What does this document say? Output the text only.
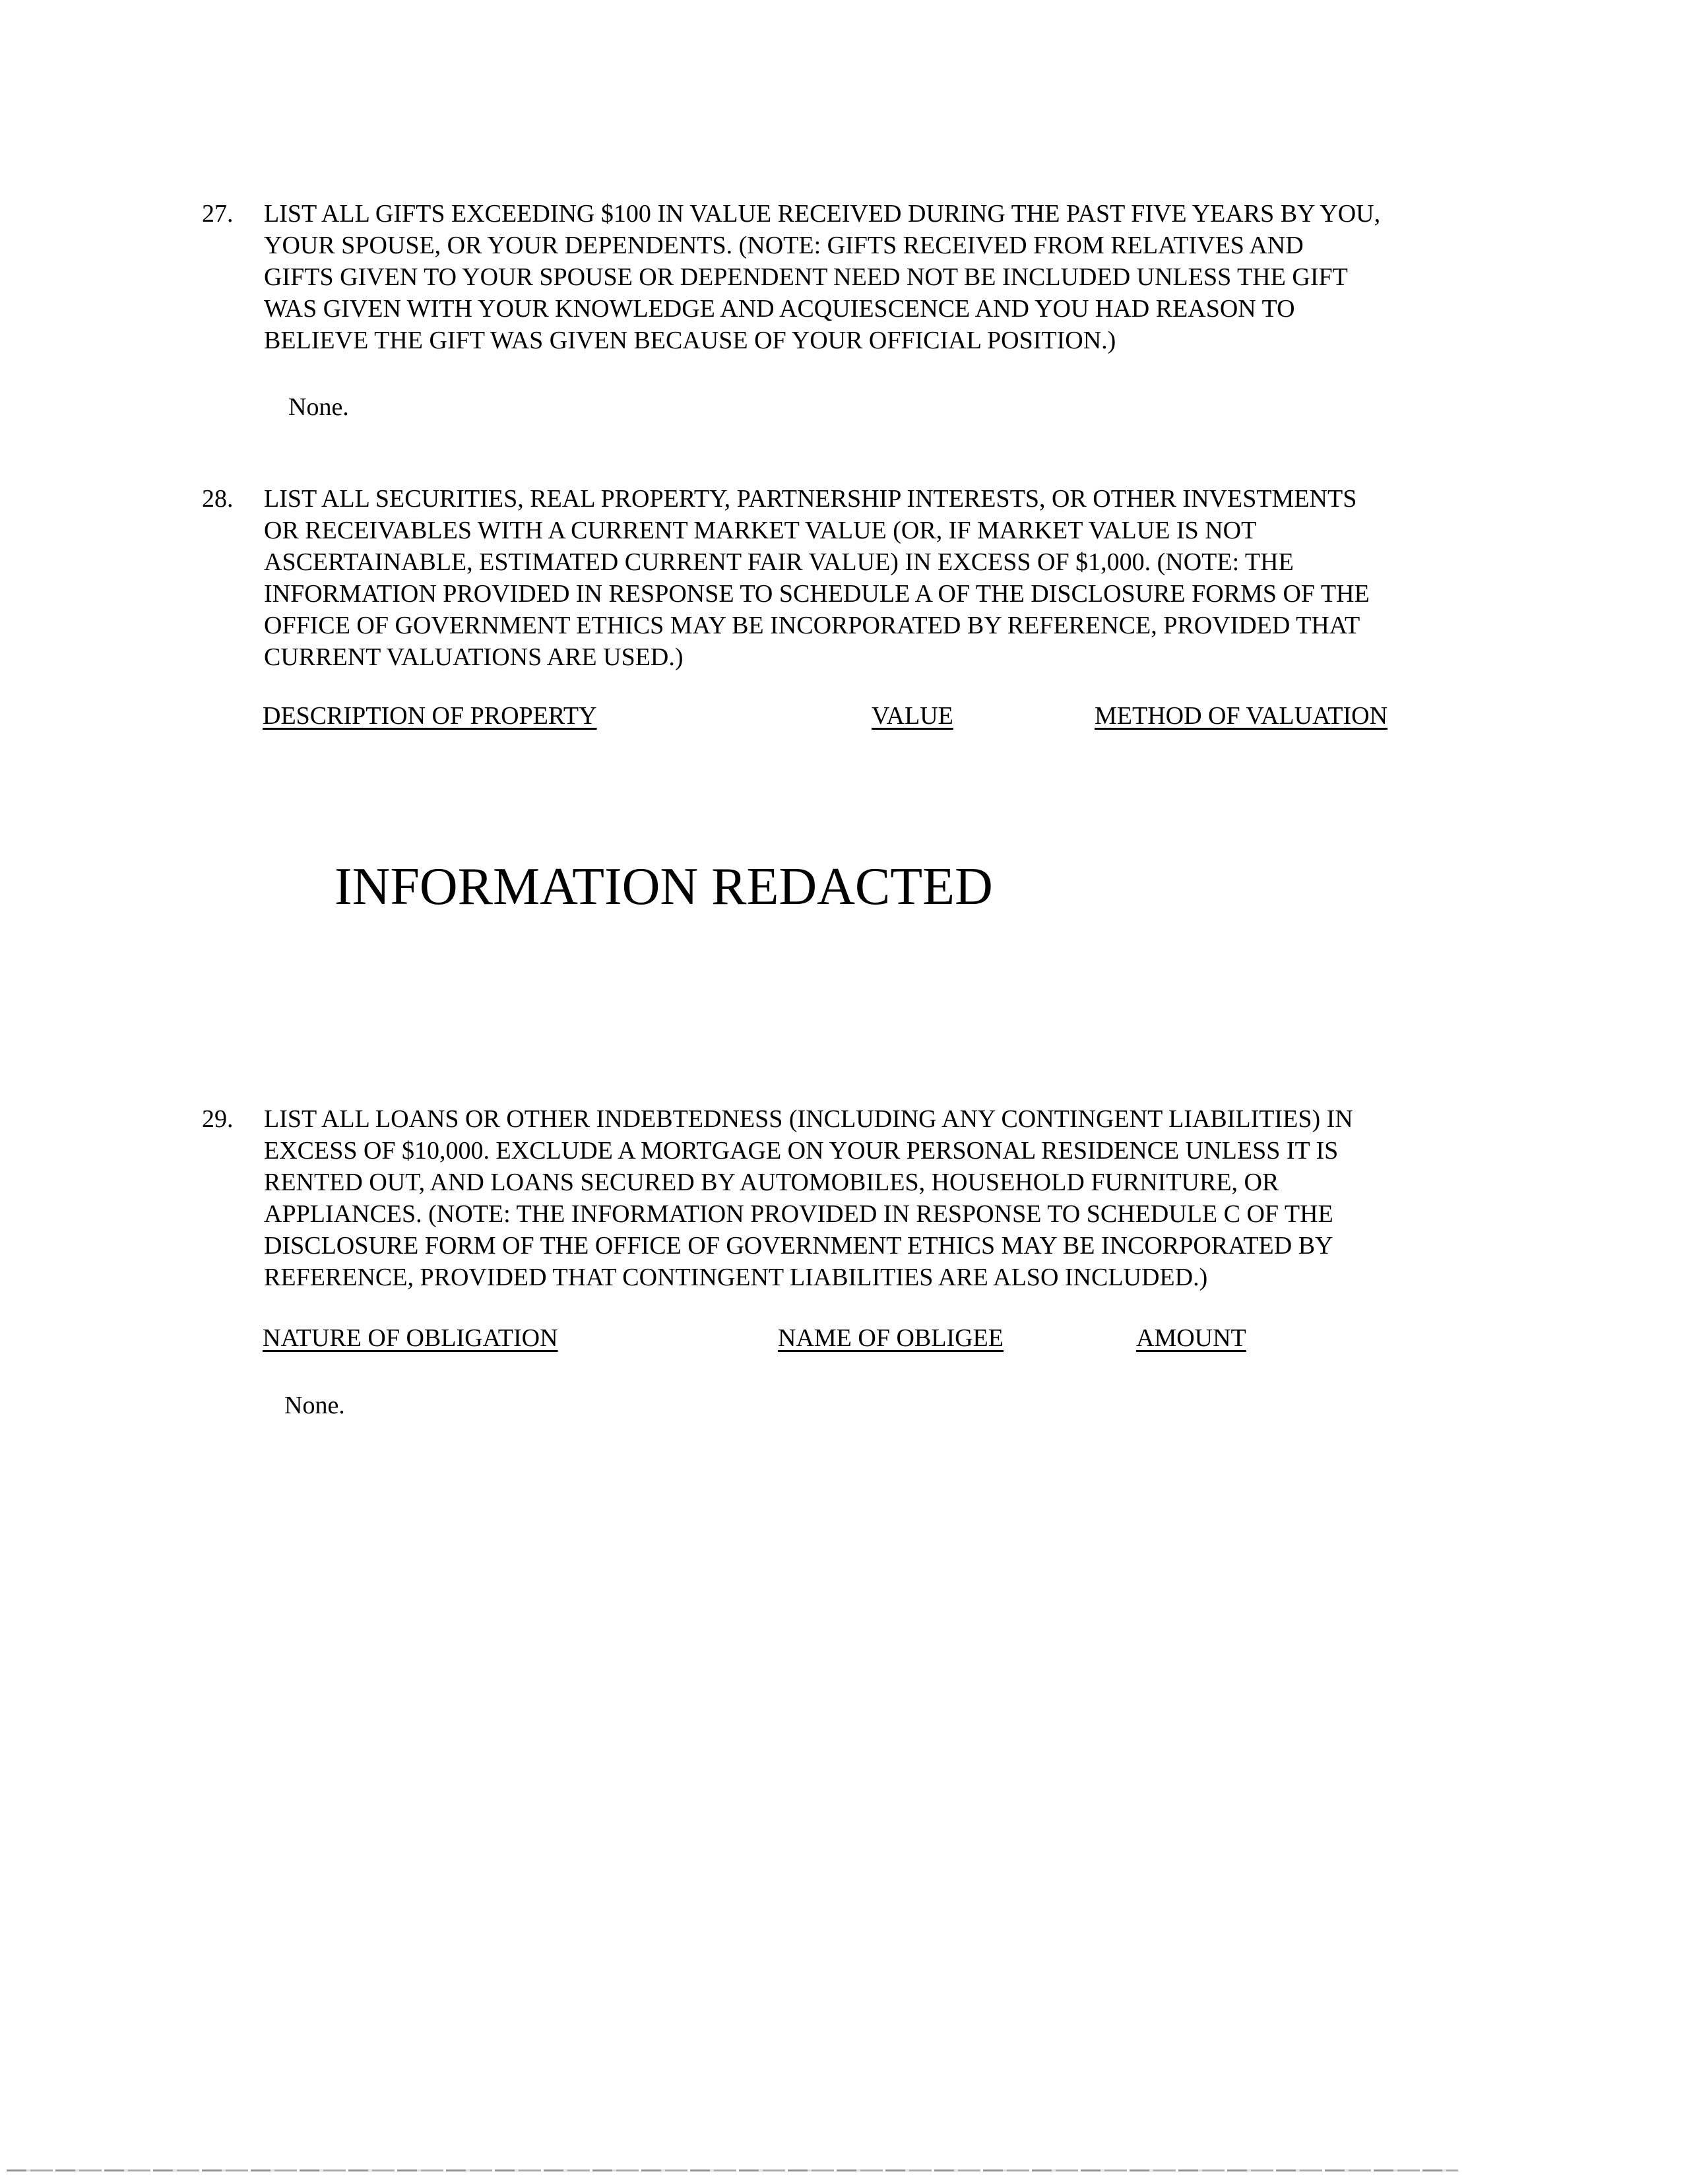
27. LIST ALL GIFTS EXCEEDING $100 IN VALUE RECEIVED DURING THE PAST FIVE YEARS BY YOU,
YOUR SPOUSE, OR YOUR DEPENDENTS. (NOTE: GIFTS RECEIVED FROM RELATIVES AND
GIFTS GIVEN TO YOUR SPOUSE OR DEPENDENT NEED NOT BE INCLUDED UNLESS THE GIFT
WAS GIVEN WITH YOUR KNOWLEDGE AND ACQUIESCENCE AND YOU HAD REASON TO
BELIEVE THE GIFT WAS GIVEN BECAUSE OF YOUR OFFICIAL POSITION.)
None.
28. LIST ALL SECURITIES, REAL PROPERTY, PARTNERSHIP INTERESTS, OR OTHER INVESTMENTS
OR RECEIVABLES WITH A CURRENT MARKET VALUE (OR, IF MARKET VALUE IS NOT
ASCERTAINABLE, ESTIMATED CURRENT FAIR VALUE) IN EXCESS OF $1,000. (NOTE: THE
INFORMATION PROVIDED IN RESPONSE TO SCHEDULE A OF THE DISCLOSURE FORMS OF THE
OFFICE OF GOVERNMENT ETHICS MAY BE INCORPORATED BY REFERENCE, PROVIDED THAT
CURRENT VALUATIONS ARE USED.)
DESCRIPTION OF PROPERTY	VALUE	METHOD OF VALUATION
INFORMATION REDACTED
29. LIST ALL LOANS OR OTHER INDEBTEDNESS (INCLUDING ANY CONTINGENT LIABILITIES) IN
EXCESS OF $10,000. EXCLUDE A MORTGAGE ON YOUR PERSONAL RESIDENCE UNLESS IT IS
RENTED OUT, AND LOANS SECURED BY AUTOMOBILES, HOUSEHOLD FURNITURE, OR
APPLIANCES. (NOTE: THE INFORMATION PROVIDED IN RESPONSE TO SCHEDULE C OF THE
DISCLOSURE FORM OF THE OFFICE OF GOVERNMENT ETHICS MAY BE INCORPORATED BY
REFERENCE, PROVIDED THAT CONTINGENT LIABILITIES ARE ALSO INCLUDED.)
NATURE OF OBLIGATION	NAME OF OBLIGEE	AMOUNT
None.
